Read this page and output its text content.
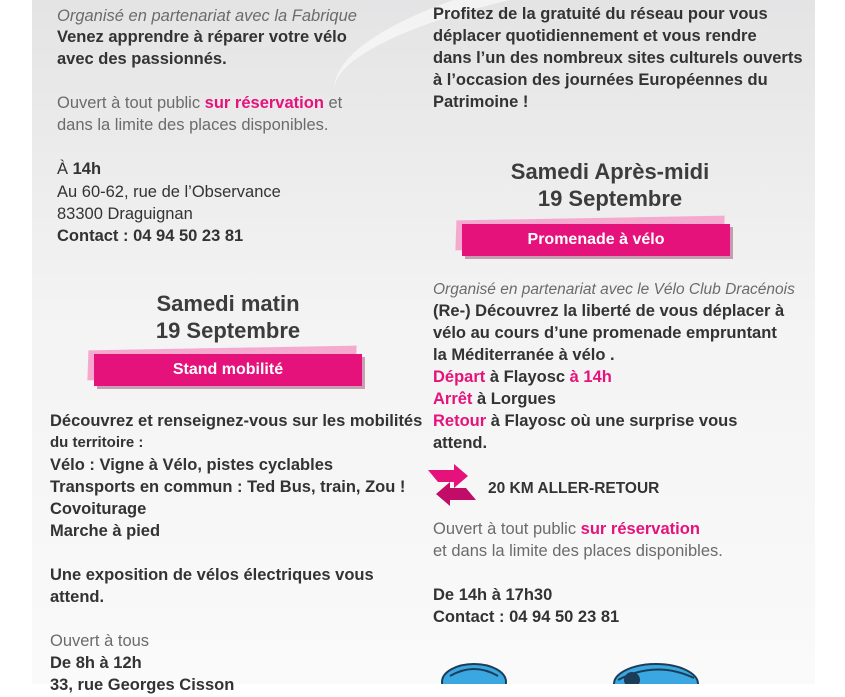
Organisé en partenariat avec la Fabrique
Venez apprendre à réparer votre vélo
avec des passionnés.
Ouvert à tout public sur réservation et
dans la limite des places disponibles.
À 14h
Au 60-62, rue de l’Observance
83300 Draguignan
Contact : 04 94 50 23 81
Samedi matin
19 Septembre
Stand mobilité
Découvrez et renseignez-vous sur les mobilités
du territoire :
Vélo : Vigne à Vélo, pistes cyclables
Transports en commun : Ted Bus, train, Zou !
Covoiturage
Marche à pied
Une exposition de vélos électriques vous
attend.
Ouvert à tous
De 8h à 12h
33, rue Georges Cisson
Profitez de la gratuité du réseau pour vous
déplacer quotidiennement et vous rendre
dans l’un des nombreux sites culturels ouverts
à l’occasion des journées Européennes du
Patrimoine !
Samedi Après-midi
19 Septembre
Promenade à vélo
Organisé en partenariat avec le Vélo Club Dracénois
(Re-) Découvrez la liberté de vous déplacer à
vélo au cours d’une promenade empruntant
la Méditerranée à vélo .
Départ à Flayosc à 14h
Arrêt à Lorgues
Retour à Flayosc où une surprise vous
attend.
20 KM ALLER-RETOUR
Ouvert à tout public sur réservation
et dans la limite des places disponibles.
De 14h à 17h30
Contact : 04 94 50 23 81
